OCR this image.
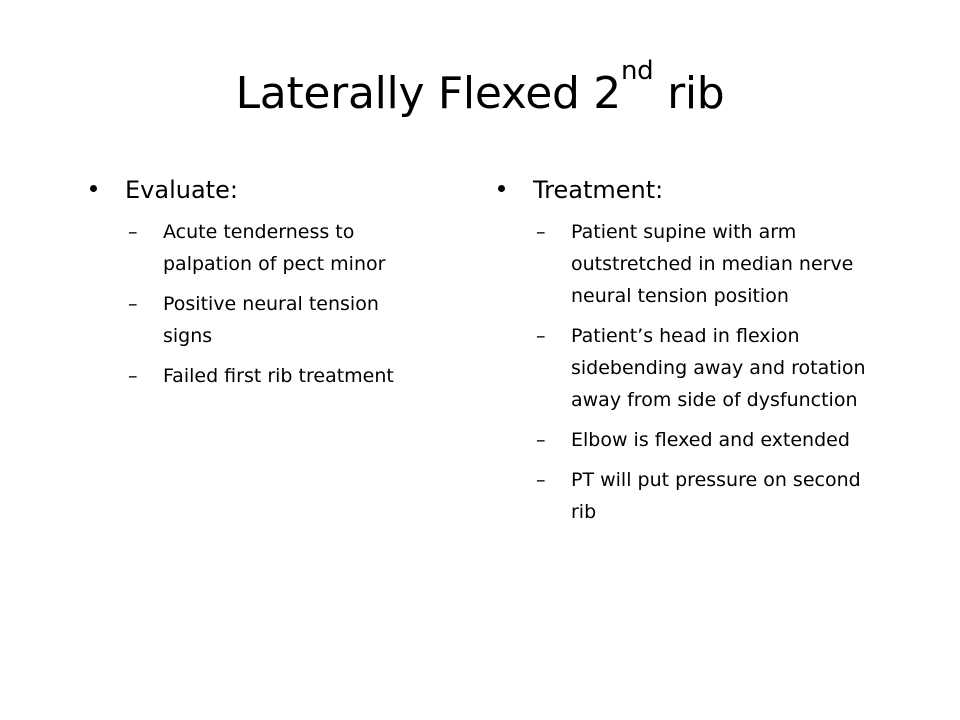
Laterally Flexed 2nd rib
Evaluate:
– Acute tenderness to palpation of pect minor
– Positive neural tension signs
– Failed first rib treatment
Treatment:
– Patient supine with arm outstretched in median nerve neural tension position
– Patient’s head in flexion sidebending away and rotation away from side of dysfunction
– Elbow is flexed and extended
– PT will put pressure on second rib
